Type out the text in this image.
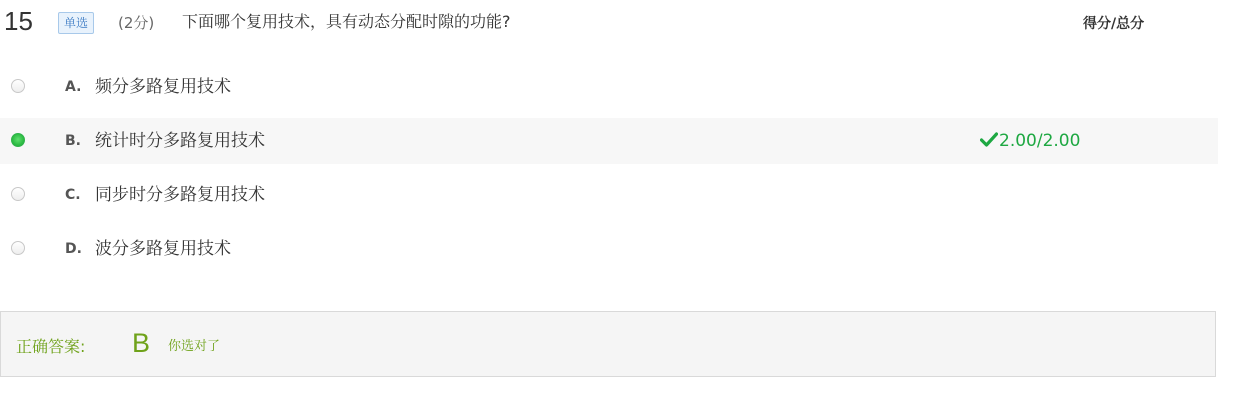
15	单选	(2分) 下面哪个复用技术，具有动态分配时隙的功能?	得分/总分
A. 频分多路复用技术
B. 统计时分多路复用技术	2.00/2.00
C. 同步时分多路复用技术
D. 波分多路复用技术
正确答案: B 你选对了
